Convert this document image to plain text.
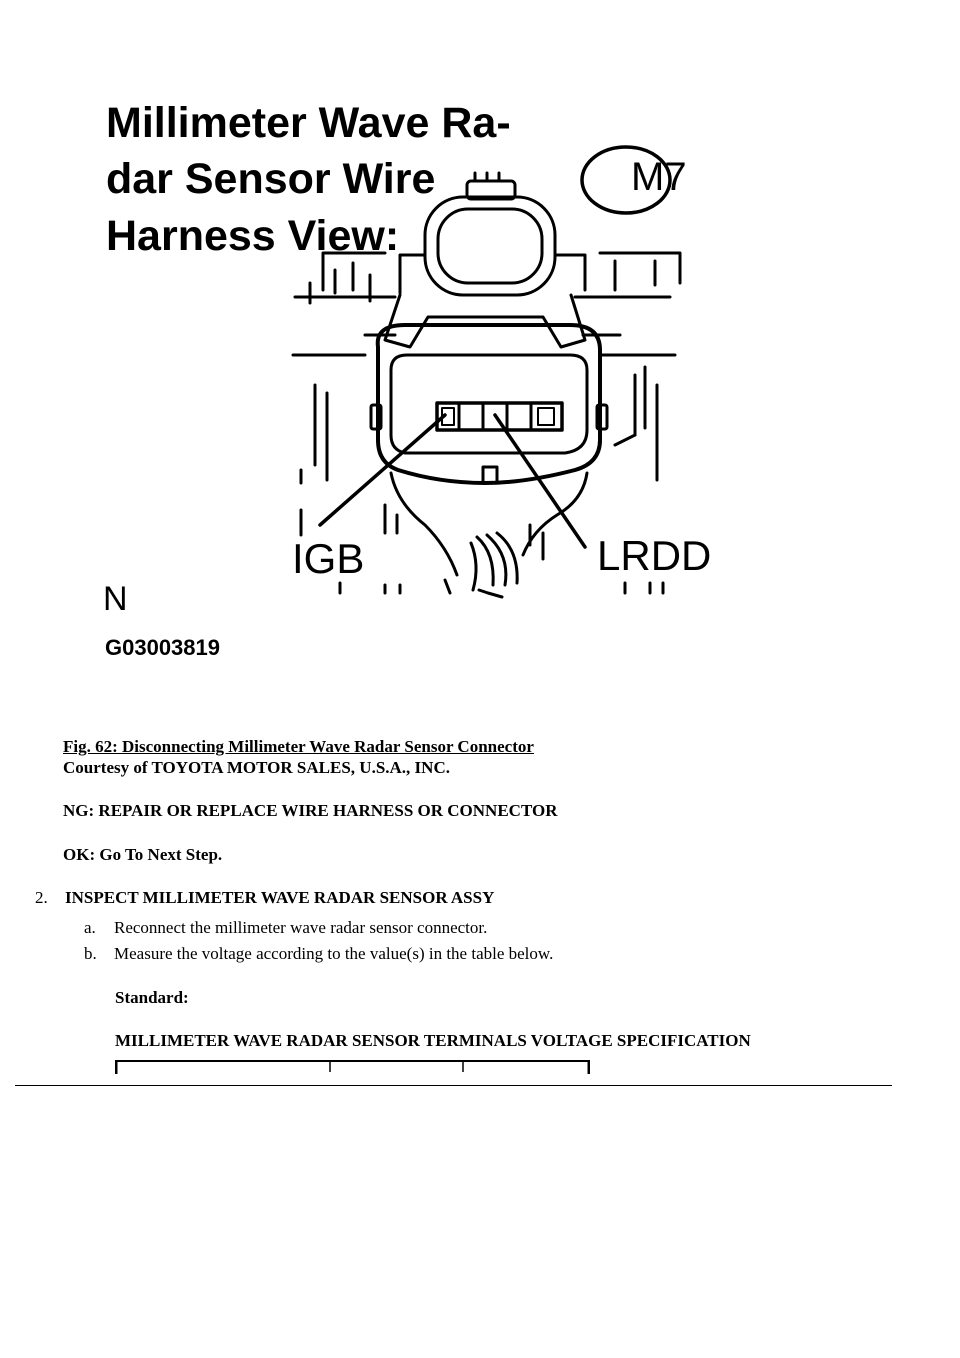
Millimeter Wave Ra-
dar Sensor Wire
Harness View:
M7
IGB	LRDD
N
G03003819
Fig. 62: Disconnecting Millimeter Wave Radar Sensor Connector
Courtesy of TOYOTA MOTOR SALES, U.S.A., INC.
NG: REPAIR OR REPLACE WIRE HARNESS OR CONNECTOR
OK: Go To Next Step.
2. INSPECT MILLIMETER WAVE RADAR SENSOR ASSY
a. Reconnect the millimeter wave radar sensor connector.
b. Measure the voltage according to the value(s) in the table below.
Standard:
MILLIMETER WAVE RADAR SENSOR TERMINALS VOLTAGE SPECIFICATION
